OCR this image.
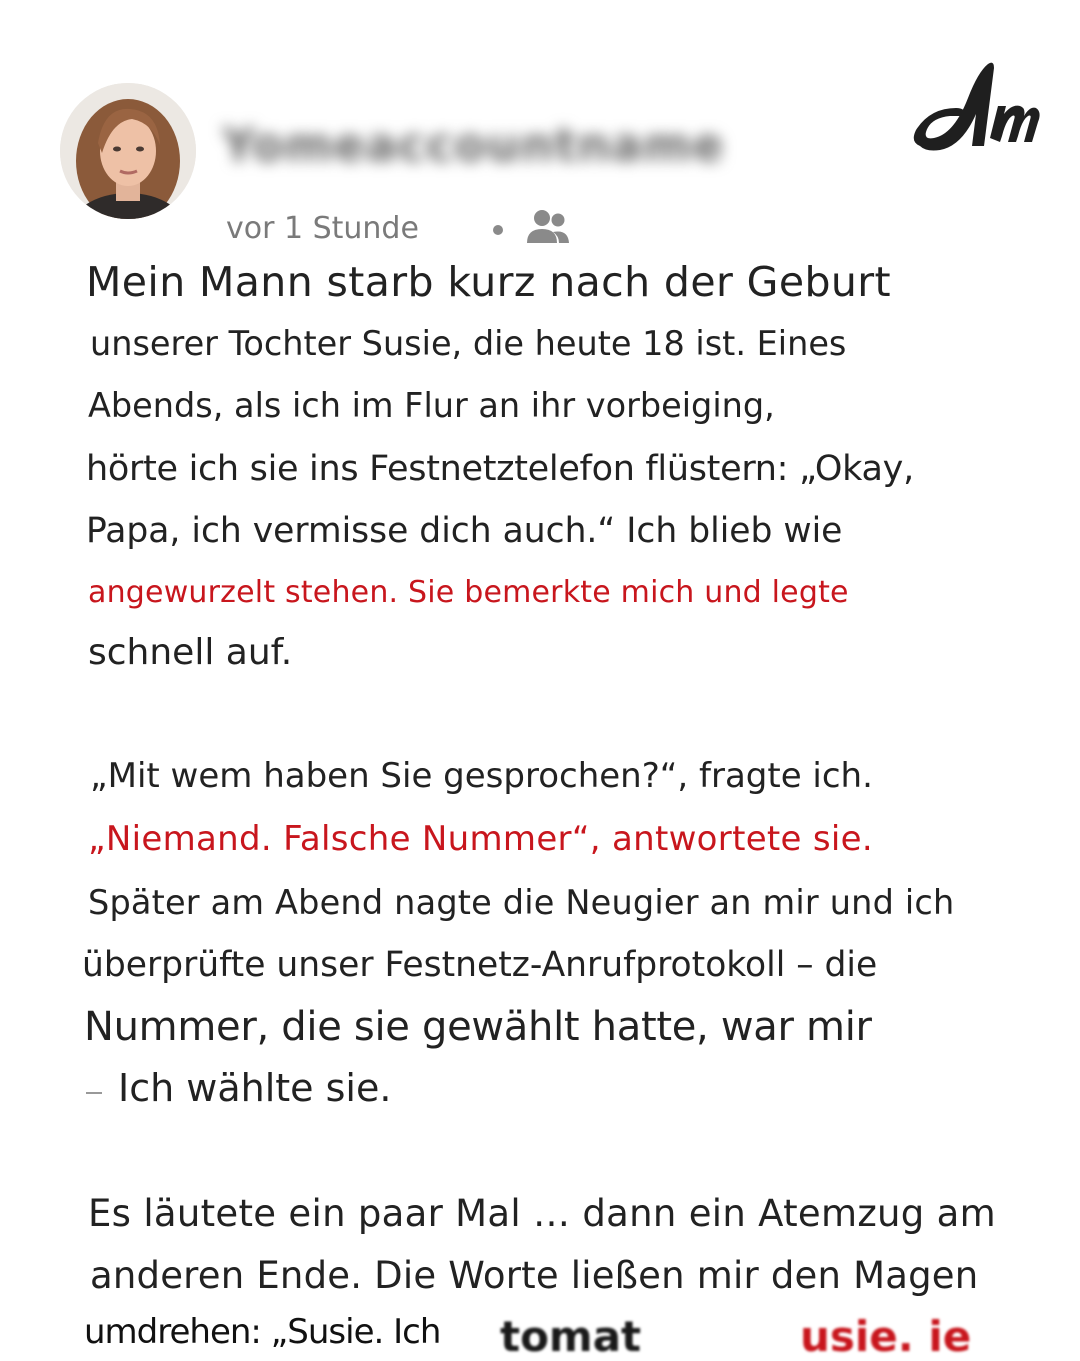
Yomeaccountname
vor 1 Stunde
Mein Mann starb kurz nach der Geburt
unserer Tochter Susie, die heute 18 ist. Eines
Abends, als ich im Flur an ihr vorbeiging,
hörte ich sie ins Festnetztelefon flüstern: „Okay,
Papa, ich vermisse dich auch.“ Ich blieb wie
angewurzelt stehen. Sie bemerkte mich und legte
schnell auf.
„Mit wem haben Sie gesprochen?“, fragte ich.
„Niemand. Falsche Nummer“, antwortete sie.
Später am Abend nagte die Neugier an mir und ich
überprüfte unser Festnetz-Anrufprotokoll – die
Nummer, die sie gewählt hatte, war mir
Ich wählte sie.
Es läutete ein paar Mal … dann ein Atemzug am
anderen Ende. Die Worte ließen mir den Magen
umdrehen: „Susie. Ich tomat	usie. ie
